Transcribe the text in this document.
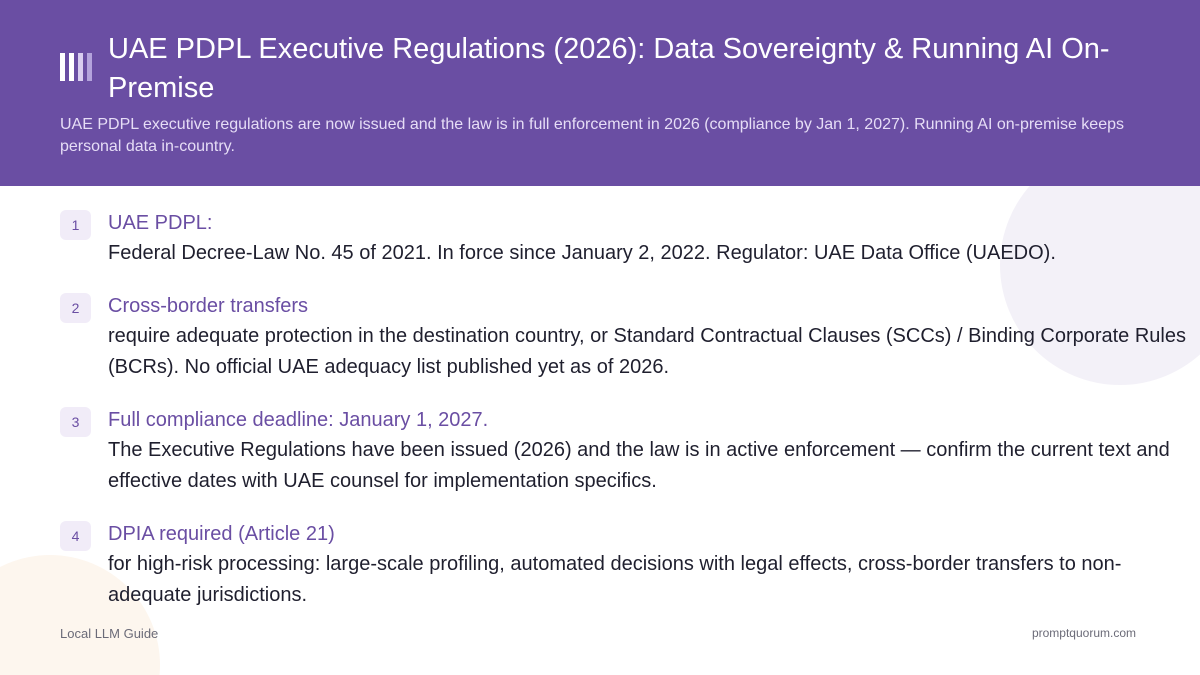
UAE PDPL Executive Regulations (2026): Data Sovereignty & Running AI On-Premise

UAE PDPL executive regulations are now issued and the law is in full enforcement in 2026 (compliance by Jan 1, 2027). Running AI on-premise keeps personal data in-country.

1	UAE PDPL:
Federal Decree-Law No. 45 of 2021. In force since January 2, 2022. Regulator: UAE Data Office (UAEDO).
2	Cross-border transfers
require adequate protection in the destination country, or Standard Contractual Clauses (SCCs) / Binding Corporate Rules (BCRs). No official UAE adequacy list published yet as of 2026.
3	Full compliance deadline: January 1, 2027.
The Executive Regulations have been issued (2026) and the law is in active enforcement — confirm the current text and effective dates with UAE counsel for implementation specifics.
4	DPIA required (Article 21)
for high-risk processing: large-scale profiling, automated decisions with legal effects, cross-border transfers to non-adequate jurisdictions.
Local LLM Guide	promptquorum.com
